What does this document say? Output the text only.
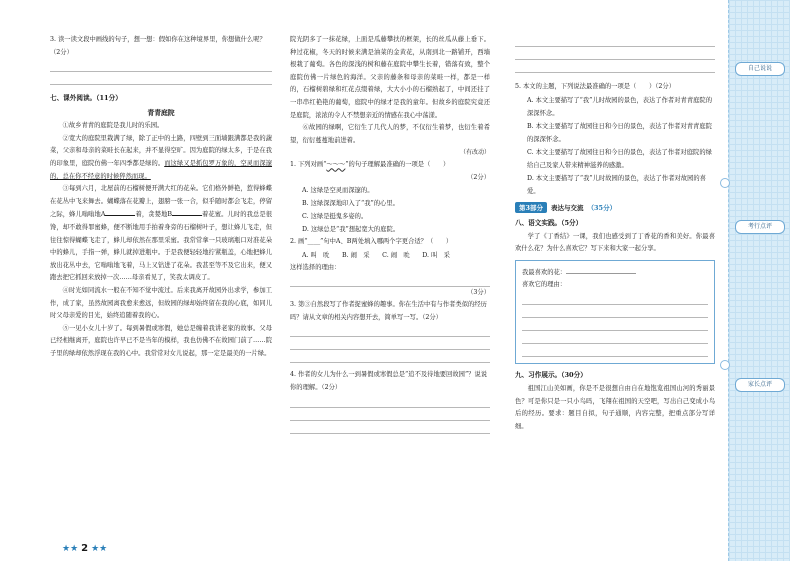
3. 读一读文段中画线的句子，想一想：假如你在这种境界里，你想做什么呢？（2分）

七、课外阅读。（11分）

青青庭院

①故乡青青的庭院是我儿时的乐园。

②宽大的庭院里栽满了绿，除了正中的土路，四壁到三面墙跟满都是我的蔬菜，父亲和母亲的菜畦长在起来，并不显得空旷。因为庭院的绿太多，于是在我的印象里，庭院仿佛一年四季都是绿的。而这绿又是抓包罗万象的，空灵而深邃的，总在你不经意的时候猝然而现。

③每到六月，北屋前的石榴树便开满大红的花朵。它们格外鲜艳，惹得蜂蝶在花丛中飞来舞去。蝴蝶落在花瓣上，翅膀一张一合，似乎随时都会飞走，停留之际，蜂儿嗡嗡地A	着，贪婪地B	着花蜜。儿时的我总是很馋，却不敢得罪蜜蜂，便不断地用手拍着身旁的石榴树叶子，想让蜂儿飞走，但往往惊得蝴蝶飞走了，蜂儿却依然在那里采蜜。我常常拿一只玻璃瓶口对准花朵中的蜂儿，手指一弹，蜂儿就掉进瓶中。于是我便轻轻地拧紧瓶盖，心地把蜂儿放出花丛中去，它嗡嗡地飞着，马上又钻进了花朵。我甚至等不及它出来，便又跑去把它抓回来放掉一次……母亲看见了，笑我太调皮了。

④时光如同流水一般在不知不觉中流过。后来我离开故园外出求学，参加工作，成了家，虽然故园离我愈来愈远，但故园的绿却始终留在我的心底，如同儿时父母亲爱的目光，始终追随着我的心。

⑤一见小女儿十岁了。每到暑假或寒假，她总是缠着我讲老家的故事。父母已经相继离开，庭院也许早已不是当年的模样，我也仿佛不在故园门前了……院子里的绿却依然浮现在我的心中。我常常对女儿说起，那一定是最美的一片绿。

院光阴多了一抹花绿，上面是瓜藤攀扶的框架，长的丝瓜从藤上垂下。种过花椒，冬天的时候来满是油菜的金黄花，从南到北一路铺开，西墙根栽了葡萄。各色的深浅的树和藤在庭院中攀生长着，错落有致，整个庭院仿佛一片绿色的海洋。父亲的藤条和母亲的菜畦一样，都是一样的，石榴树碧绿和红花点缀着绿，大大小小的石榴熟起了，中间还挂了一串串红艳艳的葡萄，庭院中的绿才是我的童年。但故乡的庭院究竟还是庭院，浓浓的令人不禁想亲近的情感在我心中荡漾。

⑥故园的绿啊，它衍生了几代人的梦，不仅衍生着梦，也衍生着希望，衍衍蔓蔓地前进着。

（有改动）

1. 下列对画“～～～”的句子理解最准确的一项是（　　）

（2分）

A. 这绿是空灵而深邃的。

B. 这绿深深地印入了“我”的心里。

C. 这绿是挺鬼多姿的。

D. 这绿总是“我”想起宽大的庭院。

2. 画“____”句中A、B两处填入哪两个字更合适？（　　）

A. 叫　吮　　B. 闹　采　　C. 闹　吮　　D. 叫　采

这样选择的理由：

（3分）

3. 第③自然段写了作者捉蜜蜂的趣事。你在生活中有与作者类似的经历吗？请从文章的相关内容想开去，简单写一写。（2分）

4. 作者的女儿为什么一到暑假或寒假总是“追不及待地要回故园”？说说你的理解。（2分）

5. 本文的主题，下列说法最准确的一项是（　　）（2分）

A. 本文主要描写了“我”儿时故园的景色，表达了作者对青青庭院的深深怀念。

B. 本文主要描写了故园往日和今日的景色，表达了作者对青青庭院的深深怀念。

C. 本文主要描写了故园往日和今日的景色，表达了作者对庭院的绿给自己及家人带来精神滋养的感激。

D. 本文主要描写了“我”儿时故园的景色，表达了作者对故园的喜爱。

第3部分	表达与交流 （35分）

八、语文实践。（5分）

学了《丁香结》一课，我们也感受到了丁香花的香和美好。你最喜欢什么花？为什么喜欢它？写下来和大家一起分享。

我最喜欢的花：

喜欢它的理由：

九、习作展示。（30分）

祖国江山美如画，你是不是很想自由自在地饱览祖国山河的秀丽景色？可是你只是一只小鸟吗，飞翔在祖国的天空吧，写出自己变成小鸟后的经历。要求：题目自拟，句子通顺，内容完整，把重点部分写详细。

自己说说
考行点评
家长点评
★★ 2 ★★
